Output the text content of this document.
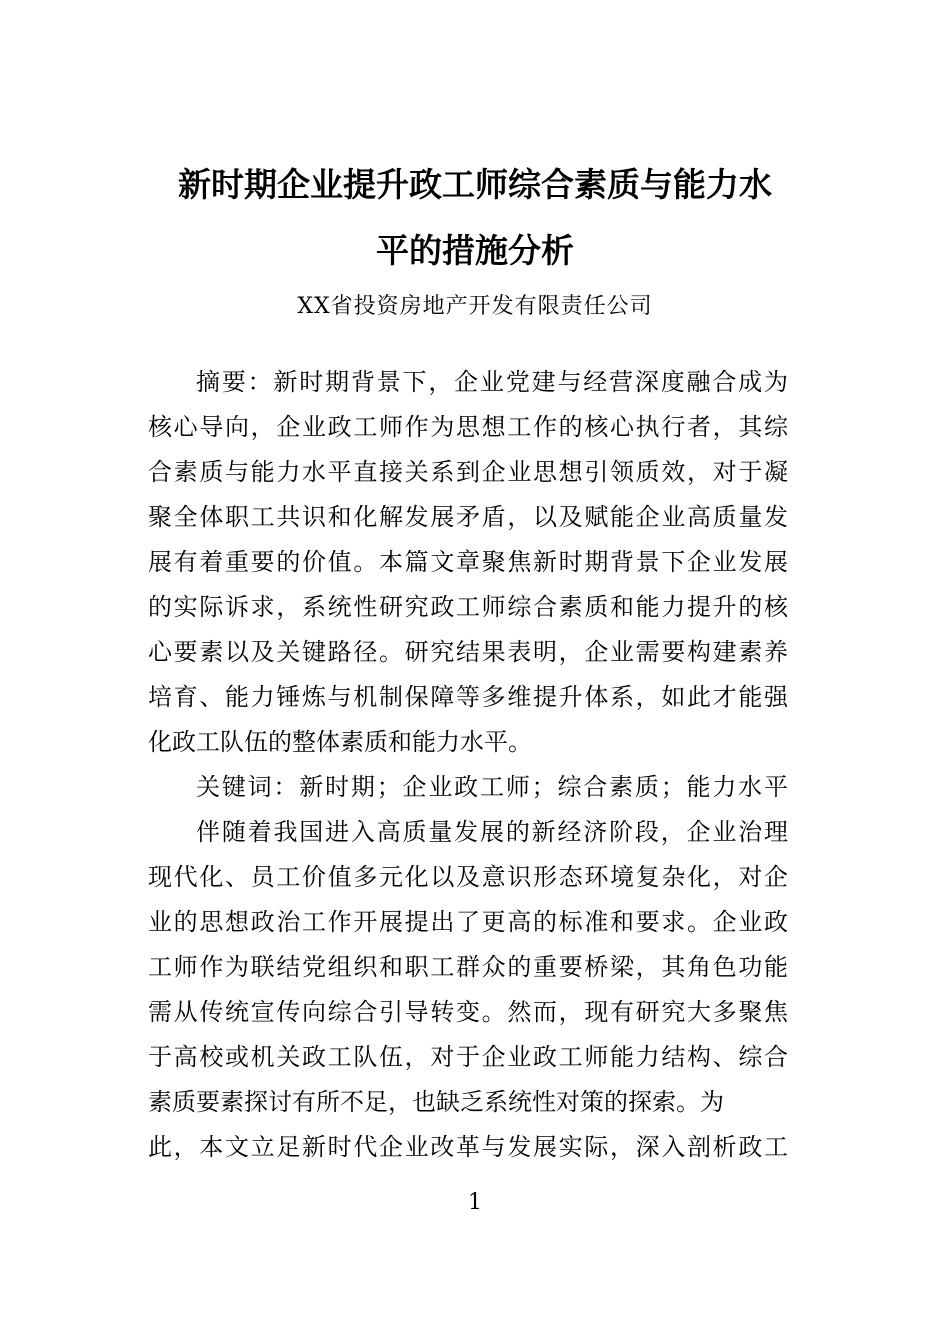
新时期企业提升政工师综合素质与能力水
平的措施分析
XX省投资房地产开发有限责任公司
摘要：新时期背景下，企业党建与经营深度融合成为
核心导向，企业政工师作为思想工作的核心执行者，其综
合素质与能力水平直接关系到企业思想引领质效，对于凝
聚全体职工共识和化解发展矛盾，以及赋能企业高质量发
展有着重要的价值。本篇文章聚焦新时期背景下企业发展
的实际诉求，系统性研究政工师综合素质和能力提升的核
心要素以及关键路径。研究结果表明，企业需要构建素养
培育、能力锤炼与机制保障等多维提升体系，如此才能强
化政工队伍的整体素质和能力水平。
关键词：新时期；企业政工师；综合素质；能力水平
伴随着我国进入高质量发展的新经济阶段，企业治理
现代化、员工价值多元化以及意识形态环境复杂化，对企
业的思想政治工作开展提出了更高的标准和要求。企业政
工师作为联结党组织和职工群众的重要桥梁，其角色功能
需从传统宣传向综合引导转变。然而，现有研究大多聚焦
于高校或机关政工队伍，对于企业政工师能力结构、综合
素质要素探讨有所不足，也缺乏系统性对策的探索。为
此，本文立足新时代企业改革与发展实际，深入剖析政工
1
